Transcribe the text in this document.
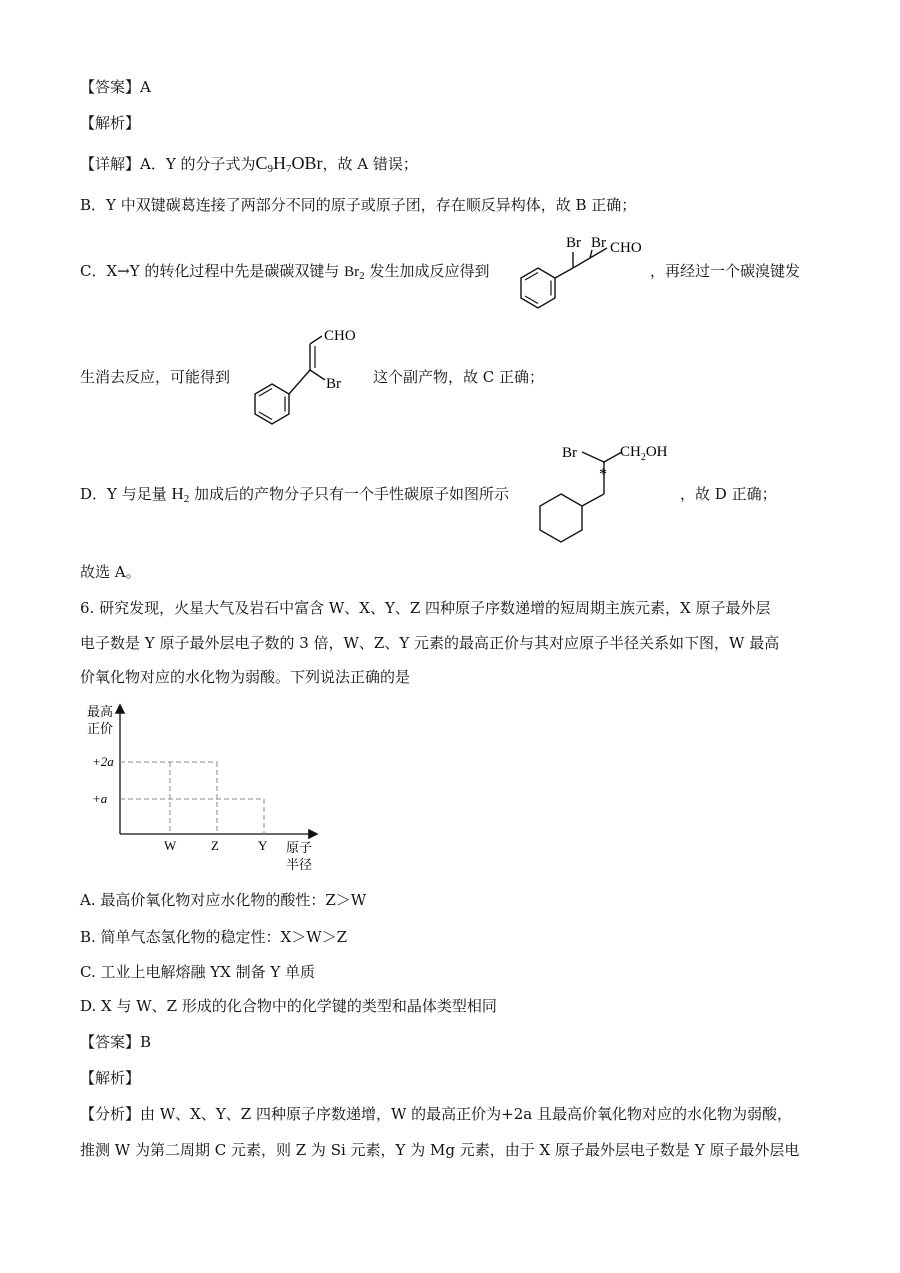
【答案】A
【解析】
【详解】A．Y 的分子式为$C_9H_7OBr$，故 A 错误；
B．Y 中双键碳葛连接了两部分不同的原子或原子团，存在顺反异构体，故 B 正确；
C．X→Y 的转化过程中先是碳碳双键与 $Br_2$ 发生加成反应得到	，再经过一个碳溴键发
Br Br CHO
生消去反应，可能得到
CHO
Br 这个副产物，故 C 正确；
D．Y 与足量 $H_2$ 加成后的产物分子只有一个手性碳原子如图所示
Br
*
$CH_2OH$
，故 D 正确；
故选 A。
6. 研究发现，火星大气及岩石中富含 W、X、Y、Z 四种原子序数递增的短周期主族元素，X 原子最外层
电子数是 Y 原子最外层电子数的 3 倍，W、Z、Y 元素的最高正价与其对应原子半径关系如下图，W 最高
价氧化物对应的水化物为弱酸。下列说法正确的是
最高
正价
原子
半径
+2a
+a
W	Z	Y
A. 最高价氧化物对应水化物的酸性：Z＞W
B. 简单气态氢化物的稳定性：X＞W＞Z
C. 工业上电解熔融 YX 制备 Y 单质
D. X 与 W、Z 形成的化合物中的化学键的类型和晶体类型相同
【答案】B
【解析】
【分析】由 W、X、Y、Z 四种原子序数递增，W 的最高正价为+2a 且最高价氧化物对应的水化物为弱酸，
推测 W 为第二周期 C 元素，则 Z 为 Si 元素，Y 为 Mg 元素，由于 X 原子最外层电子数是 Y 原子最外层电
